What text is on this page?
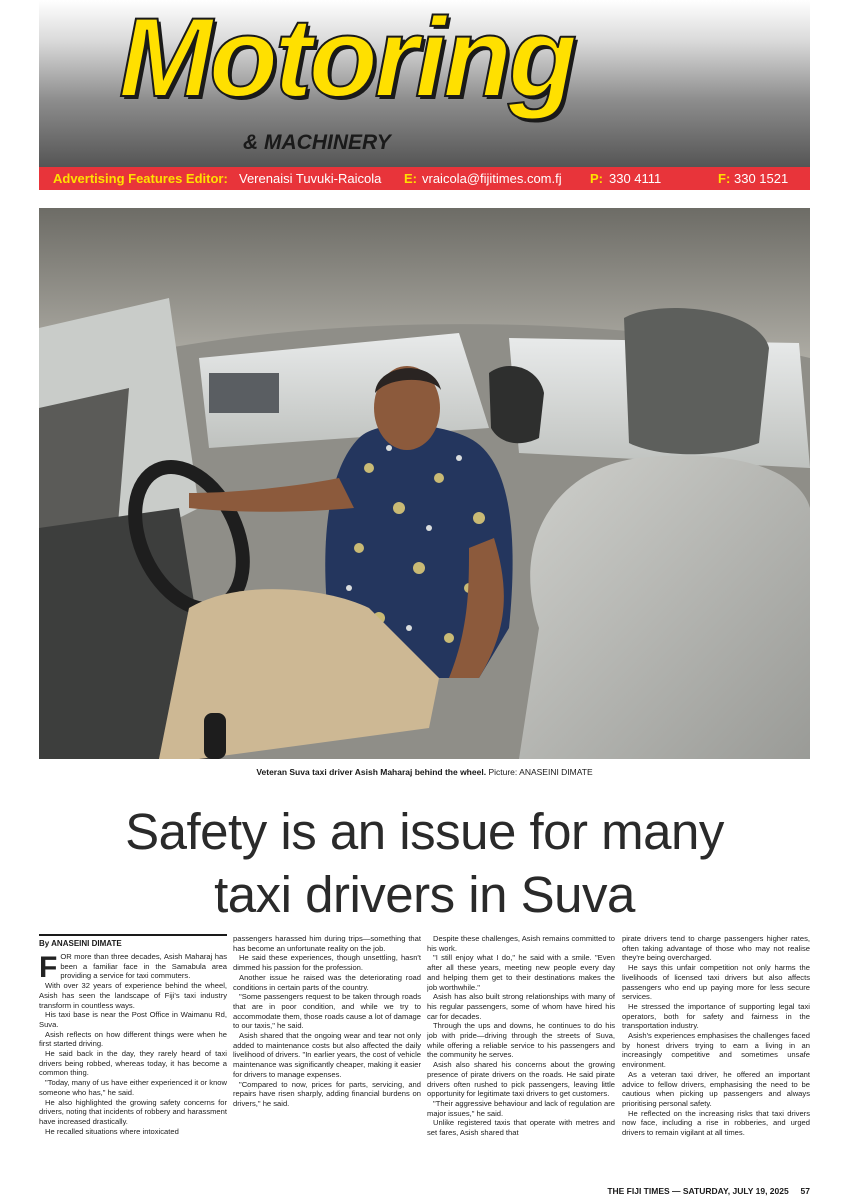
Motoring
& MACHINERY
Advertising Features Editor: Verenaisi Tuvuki-Raicola E: vraicola@fijitimes.com.fj P: 330 4111	F: 330 1521
Veteran Suva taxi driver Asish Maharaj behind the wheel. Picture: ANASEINI DIMATE
Safety is an issue for many
taxi drivers in Suva
By ANASEINI DIMATE

FOR more than three decades, Asish Maharaj has been a familiar face in the Samabula area providing a service for taxi commuters.

With over 32 years of experience behind the wheel, Asish has seen the landscape of Fiji's taxi industry transform in countless ways.

His taxi base is near the Post Office in Waimanu Rd, Suva.

Asish reflects on how different things were when he first started driving.

He said back in the day, they rarely heard of taxi drivers being robbed, whereas today, it has become a common thing.

"Today, many of us have either experienced it or know someone who has," he said.

He also highlighted the growing safety concerns for drivers, noting that incidents of robbery and harassment have increased drastically.

He recalled situations where intoxicated

passengers harassed him during trips—something that has become an unfortunate reality on the job.

He said these experiences, though unsettling, hasn't dimmed his passion for the profession.

Another issue he raised was the deteriorating road conditions in certain parts of the country.

"Some passengers request to be taken through roads that are in poor condition, and while we try to accommodate them, those roads cause a lot of damage to our taxis," he said.

Asish shared that the ongoing wear and tear not only added to maintenance costs but also affected the daily livelihood of drivers. "In earlier years, the cost of vehicle maintenance was significantly cheaper, making it easier for drivers to manage expenses.

"Compared to now, prices for parts, servicing, and repairs have risen sharply, adding financial burdens on drivers," he said.

Despite these challenges, Asish remains committed to his work.

"I still enjoy what I do," he said with a smile. "Even after all these years, meeting new people every day and helping them get to their destinations makes the job worthwhile."

Asish has also built strong relationships with many of his regular passengers, some of whom have hired his car for decades.

Through the ups and downs, he continues to do his job with pride—driving through the streets of Suva, while offering a reliable service to his passengers and the community he serves.

Asish also shared his concerns about the growing presence of pirate drivers on the roads. He said pirate drivers often rushed to pick passengers, leaving little opportunity for legitimate taxi drivers to get customers.

"Their aggressive behaviour and lack of regulation are major issues," he said.

Unlike registered taxis that operate with metres and set fares, Asish shared that

pirate drivers tend to charge passengers higher rates, often taking advantage of those who may not realise they're being overcharged.

He says this unfair competition not only harms the livelihoods of licensed taxi drivers but also affects passengers who end up paying more for less secure services.

He stressed the importance of supporting legal taxi operators, both for safety and fairness in the transportation industry.

Asish's experiences emphasises the challenges faced by honest drivers trying to earn a living in an increasingly competitive and sometimes unsafe environment.

As a veteran taxi driver, he offered an important advice to fellow drivers, emphasising the need to be cautious when picking up passengers and always prioritising personal safety.

He reflected on the increasing risks that taxi drivers now face, including a rise in robberies, and urged drivers to remain vigilant at all times.

THE FIJI TIMES — SATURDAY, JULY 19, 2025 57
